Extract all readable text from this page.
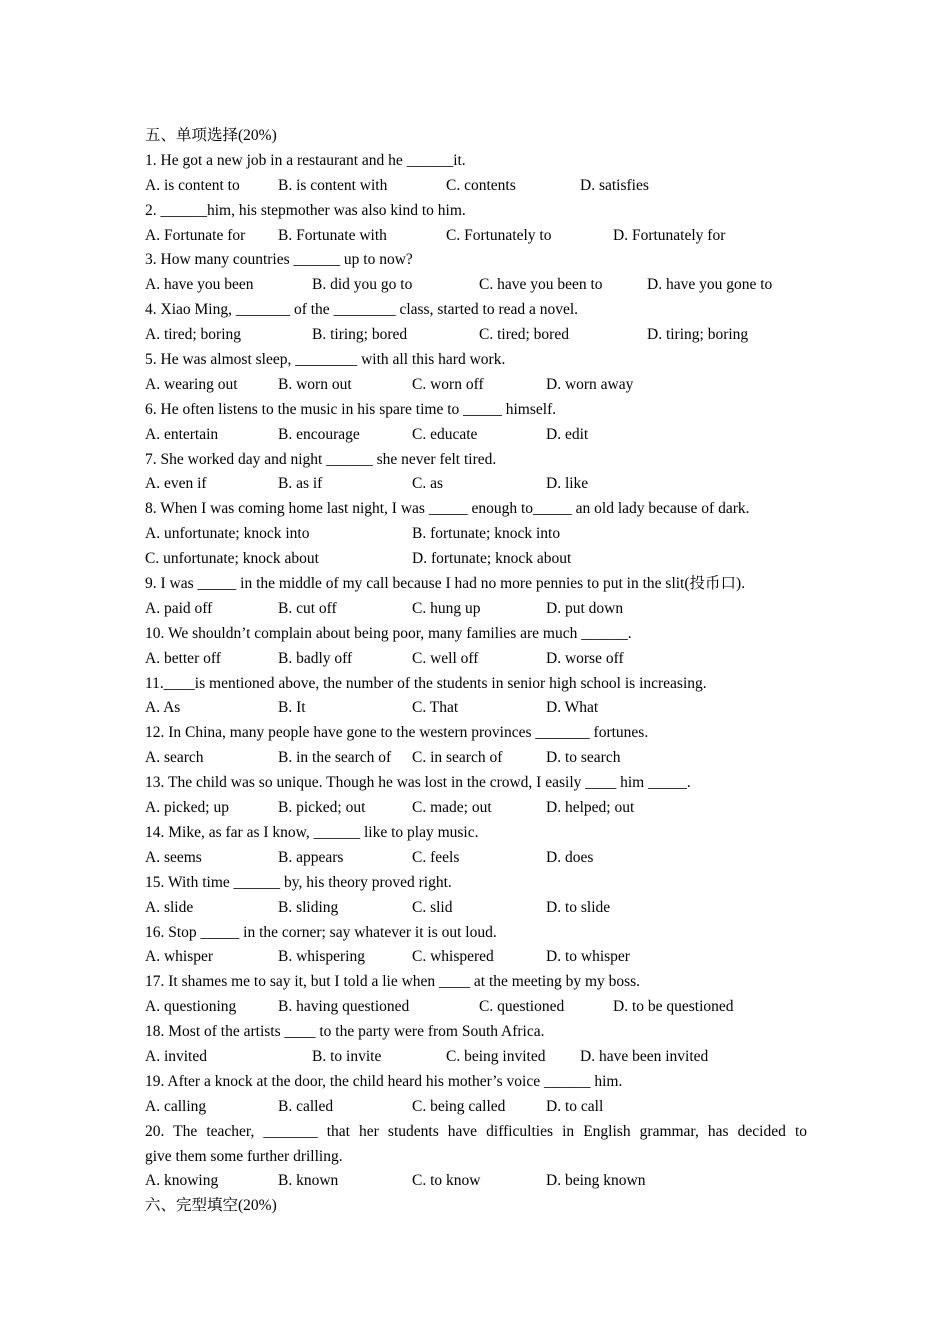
五、单项选择(20%)
1. He got a new job in a restaurant and he ______it.
A. is content to B. is content with	C. contents	D. satisfies
2. ______him, his stepmother was also kind to him.
A. Fortunate for B. Fortunate with	C. Fortunately to	D. Fortunately for
3. How many countries ______ up to now?
A. have you been	B. did you go to	C. have you been to	D. have you gone to
4. Xiao Ming, _______ of the ________ class, started to read a novel.
A. tired; boring	B. tiring; bored	C. tired; bored	D. tiring; boring
5. He was almost sleep, ________ with all this hard work.
A. wearing out	B. worn out	C. worn off	D. worn away
6. He often listens to the music in his spare time to _____ himself.
A. entertain	B. encourage	C. educate	D. edit
7. She worked day and night ______ she never felt tired.
A. even if	B. as if	C. as	D. like
8. When I was coming home last night, I was _____ enough to_____ an old lady because of dark.
A. unfortunate; knock into	B. fortunate; knock into
C. unfortunate; knock about	D. fortunate; knock about
9. I was _____ in the middle of my call because I had no more pennies to put in the slit(投币口).
A. paid off	B. cut off	C. hung up	D. put down
10. We shouldn’t complain about being poor, many families are much ______.
A. better off	B. badly off	C. well off	D. worse off
11.____is mentioned above, the number of the students in senior high school is increasing.
A. As	B. It	C. That	D. What
12. In China, many people have gone to the western provinces _______ fortunes.
A. search	B. in the search of C. in search of	D. to search
13. The child was so unique. Though he was lost in the crowd, I easily ____ him _____.
A. picked; up	B. picked; out	C. made; out	D. helped; out
14. Mike, as far as I know, ______ like to play music.
A. seems	B. appears	C. feels	D. does
15. With time ______ by, his theory proved right.
A. slide	B. sliding	C. slid	D. to slide
16. Stop _____ in the corner; say whatever it is out loud.
A. whisper	B. whispering	C. whispered	D. to whisper
17. It shames me to say it, but I told a lie when ____ at the meeting by my boss.
A. questioning	B. having questioned	C. questioned	D. to be questioned
18. Most of the artists ____ to the party were from South Africa.
A. invited	B. to invite	C. being invited D. have been invited
19. After a knock at the door, the child heard his mother’s voice ______ him.
A. calling	B. called	C. being called	D. to call
20. The teacher, _______ that her students have difficulties in English grammar, has decided to
give them some further drilling.
A. knowing	B. known	C. to know	D. being known
六、完型填空(20%)
